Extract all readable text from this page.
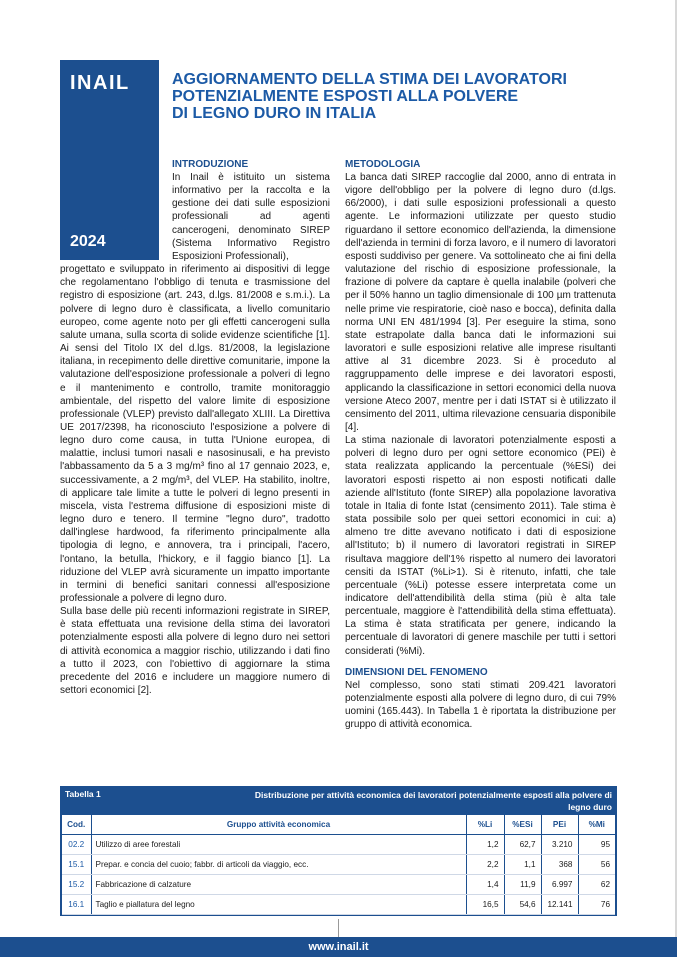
INAIL
2024
AGGIORNAMENTO DELLA STIMA DEI LAVORATORI
POTENZIALMENTE ESPOSTI ALLA POLVERE
DI LEGNO DURO IN ITALIA
INTRODUZIONE

In Inail è istituito un sistema informativo per la raccolta e la gestione dei dati sulle esposizioni professionali ad agenti cancerogeni, denominato SIREP (Sistema Informativo Registro Esposizioni Professionali),

progettato e sviluppato in riferimento ai dispositivi di legge che regolamentano l'obbligo di tenuta e trasmissione del registro di esposizione (art. 243, d.lgs. 81/2008 e s.m.i.). La polvere di legno duro è classificata, a livello comunitario europeo, come agente noto per gli effetti cancerogeni sulla salute umana, sulla scorta di solide evidenze scientifiche [1]. Ai sensi del Titolo IX del d.lgs. 81/2008, la legislazione italiana, in recepimento delle direttive comunitarie, impone la valutazione dell'esposizione professionale a polveri di legno e il mantenimento e controllo, tramite monitoraggio ambientale, del rispetto del valore limite di esposizione professionale (VLEP) previsto dall'allegato XLIII. La Direttiva UE 2017/2398, ha riconosciuto l'esposizione a polvere di legno duro come causa, in tutta l'Unione europea, di malattie, inclusi tumori nasali e nasosinusali, e ha previsto l'abbassamento da 5 a 3 mg/m³ fino al 17 gennaio 2023, e, successivamente, a 2 mg/m³, del VLEP. Ha stabilito, inoltre, di applicare tale limite a tutte le polveri di legno presenti in miscela, vista l'estrema diffusione di esposizioni miste di legno duro e tenero. Il termine "legno duro", tradotto dall'inglese hardwood, fa riferimento principalmente alla tipologia di legno, e annovera, tra i principali, l'acero, l'ontano, la betulla, l'hickory, e il faggio bianco [1]. La riduzione del VLEP avrà sicuramente un impatto importante in termini di benefici sanitari connessi all'esposizione professionale a polvere di legno duro.

Sulla base delle più recenti informazioni registrate in SIREP, è stata effettuata una revisione della stima dei lavoratori potenzialmente esposti alla polvere di legno duro nei settori di attività economica a maggior rischio, utilizzando i dati fino a tutto il 2023, con l'obiettivo di aggiornare la stima precedente del 2016 e includere un maggiore numero di settori economici [2].

METODOLOGIA

La banca dati SIREP raccoglie dal 2000, anno di entrata in vigore dell'obbligo per la polvere di legno duro (d.lgs. 66/2000), i dati sulle esposizioni professionali a questo agente. Le informazioni utilizzate per questo studio riguardano il settore economico dell'azienda, la dimensione dell'azienda in termini di forza lavoro, e il numero di lavoratori esposti suddiviso per genere. Va sottolineato che ai fini della valutazione del rischio di esposizione professionale, la frazione di polvere da captare è quella inalabile (polveri che per il 50% hanno un taglio dimensionale di 100 µm trattenuta nelle prime vie respiratorie, cioè naso e bocca), definita dalla norma UNI EN 481/1994 [3]. Per eseguire la stima, sono state estrapolate dalla banca dati le informazioni sui lavoratori e sulle esposizioni relative alle imprese risultanti attive al 31 dicembre 2023. Si è proceduto al raggruppamento delle imprese e dei lavoratori esposti, applicando la classificazione in settori economici della nuova versione Ateco 2007, mentre per i dati ISTAT si è utilizzato il censimento del 2011, ultima rilevazione censuaria disponibile [4].

La stima nazionale di lavoratori potenzialmente esposti a polveri di legno duro per ogni settore economico (PEi) è stata realizzata applicando la percentuale (%ESi) dei lavoratori esposti rispetto ai non esposti notificati dalle aziende all'Istituto (fonte SIREP) alla popolazione lavorativa totale in Italia di fonte Istat (censimento 2011). Tale stima è stata possibile solo per quei settori economici in cui: a) almeno tre ditte avevano notificato i dati di esposizione all'Istituto; b) il numero di lavoratori registrati in SIREP risultava maggiore dell'1% rispetto al numero dei lavoratori censiti da ISTAT (%Li>1). Si è ritenuto, infatti, che tale percentuale (%Li) potesse essere interpretata come un indicatore dell'attendibilità della stima (più è alta tale percentuale, maggiore è l'attendibilità della stima effettuata). La stima è stata stratificata per genere, indicando la percentuale di lavoratori di genere maschile per tutti i settori considerati (%Mi).

DIMENSIONI DEL FENOMENO

Nel complesso, sono stati stimati 209.421 lavoratori potenzialmente esposti alla polvere di legno duro, di cui 79% uomini (165.443). In Tabella 1 è riportata la distribuzione per gruppo di attività economica.

Tabella 1	Distribuzione per attività economica dei lavoratori potenzialmente esposti alla polvere di legno duro
Cod.	Gruppo attività economica	%Li	%ESi	PEi	%Mi
02.2	Utilizzo di aree forestali	1,2	62,7	3.210	95
15.1	Prepar. e concia del cuoio; fabbr. di articoli da viaggio, ecc.	2,2	1,1	368	56
15.2	Fabbricazione di calzature	1,4	11,9	6.997	62
16.1	Taglio e piallatura del legno	16,5	54,6	12.141	76
www.inail.it
